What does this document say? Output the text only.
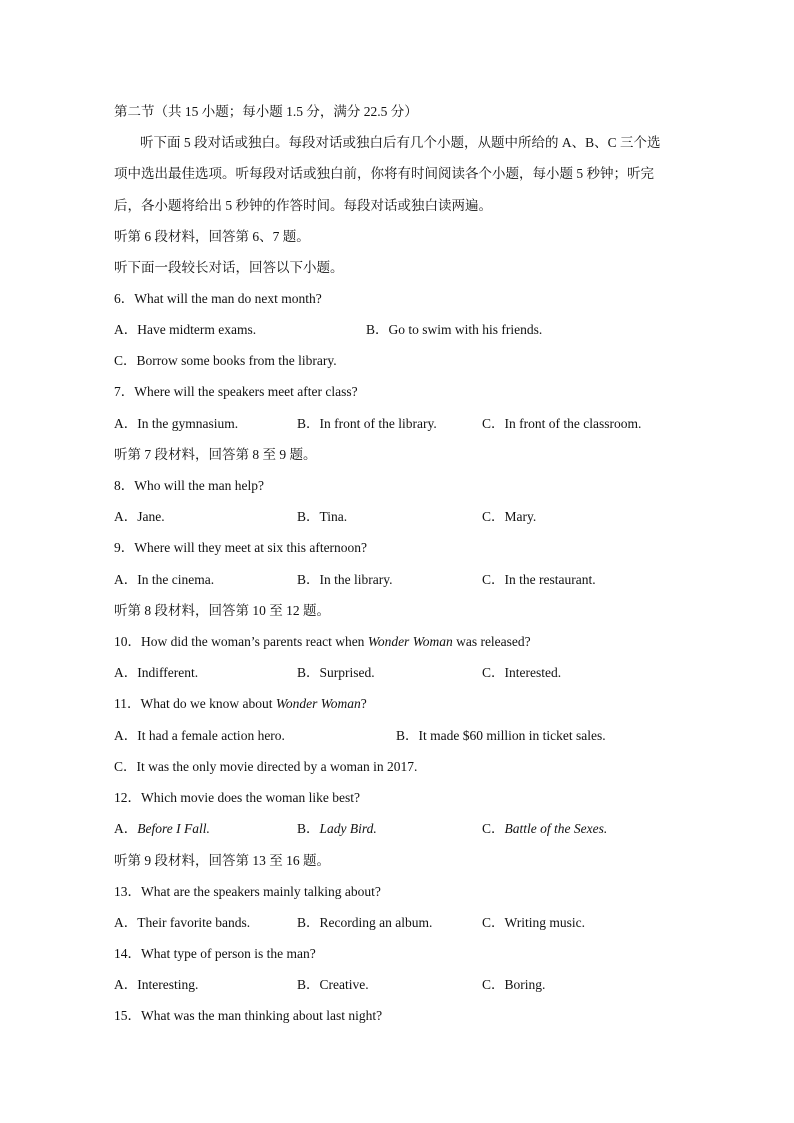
第二节（共 15 小题；每小题 1.5 分，满分 22.5 分）
听下面 5 段对话或独白。每段对话或独白后有几个小题，从题中所给的 A、B、C 三个选
项中选出最佳选项。听每段对话或独白前，你将有时间阅读各个小题，每小题 5 秒钟；听完
后，各小题将给出 5 秒钟的作答时间。每段对话或独白读两遍。
听第 6 段材料，回答第 6、7 题。
听下面一段较长对话，回答以下小题。
6．What will the man do next month?
A．Have midterm exams.	B．Go to swim with his friends.
C．Borrow some books from the library.
7．Where will the speakers meet after class?
A．In the gymnasium.	B．In front of the library.	C．In front of the classroom.
听第 7 段材料，回答第 8 至 9 题。
8．Who will the man help?
A．Jane.	B．Tina.	C．Mary.
9．Where will they meet at six this afternoon?
A．In the cinema.	B．In the library.	C．In the restaurant.
听第 8 段材料，回答第 10 至 12 题。
10．How did the woman’s parents react when Wonder Woman was released?
A．Indifferent.	B．Surprised.	C．Interested.
11．What do we know about Wonder Woman?
A．It had a female action hero.	B．It made $60 million in ticket sales.
C．It was the only movie directed by a woman in 2017.
12．Which movie does the woman like best?
A．Before I Fall.	B．Lady Bird.	C．Battle of the Sexes.
听第 9 段材料，回答第 13 至 16 题。
13．What are the speakers mainly talking about?
A．Their favorite bands.	B．Recording an album.	C．Writing music.
14．What type of person is the man?
A．Interesting.	B．Creative.	C．Boring.
15．What was the man thinking about last night?
